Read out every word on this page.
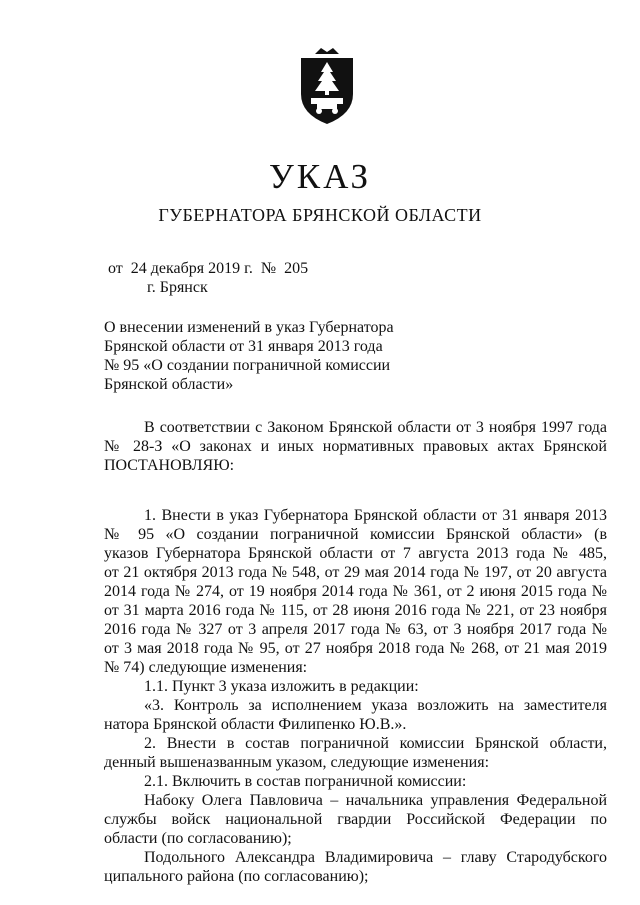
УКАЗ
ГУБЕРНАТОРА БРЯНСКОЙ ОБЛАСТИ
от  24 декабря 2019 г.  №  205
г. Брянск
О внесении изменений в указ Губернатора
Брянской области от 31 января 2013 года
№ 95 «О создании пограничной комиссии
Брянской области»
В соответствии с Законом Брянской области от 3 ноября 1997 года
№ 28-З «О законах и иных нормативных правовых актах Брянской
ПОСТАНОВЛЯЮ:
1. Внести в указ Губернатора Брянской области от 31 января 2013
№ 95 «О создании пограничной комиссии Брянской области» (в
указов Губернатора Брянской области от 7 августа 2013 года № 485,
от 21 октября 2013 года № 548, от 29 мая 2014 года № 197, от 20 августа
2014 года № 274, от 19 ноября 2014 года № 361, от 2 июня 2015 года №
от 31 марта 2016 года № 115, от 28 июня 2016 года № 221, от 23 ноября
2016 года № 327 от 3 апреля 2017 года № 63, от 3 ноября 2017 года №
от 3 мая 2018 года № 95, от 27 ноября 2018 года № 268, от 21 мая 2019
№ 74) следующие изменения:
1.1. Пункт 3 указа изложить в редакции:
«3. Контроль за исполнением указа возложить на заместителя
натора Брянской области Филипенко Ю.В.».
2. Внести в состав пограничной комиссии Брянской области,
денный вышеназванным указом, следующие изменения:
2.1. Включить в состав пограничной комиссии:
Набоку Олега Павловича – начальника управления Федеральной
службы войск национальной гвардии Российской Федерации по
области (по согласованию);
Подольного Александра Владимировича – главу Стародубского
ципального района (по согласованию);
